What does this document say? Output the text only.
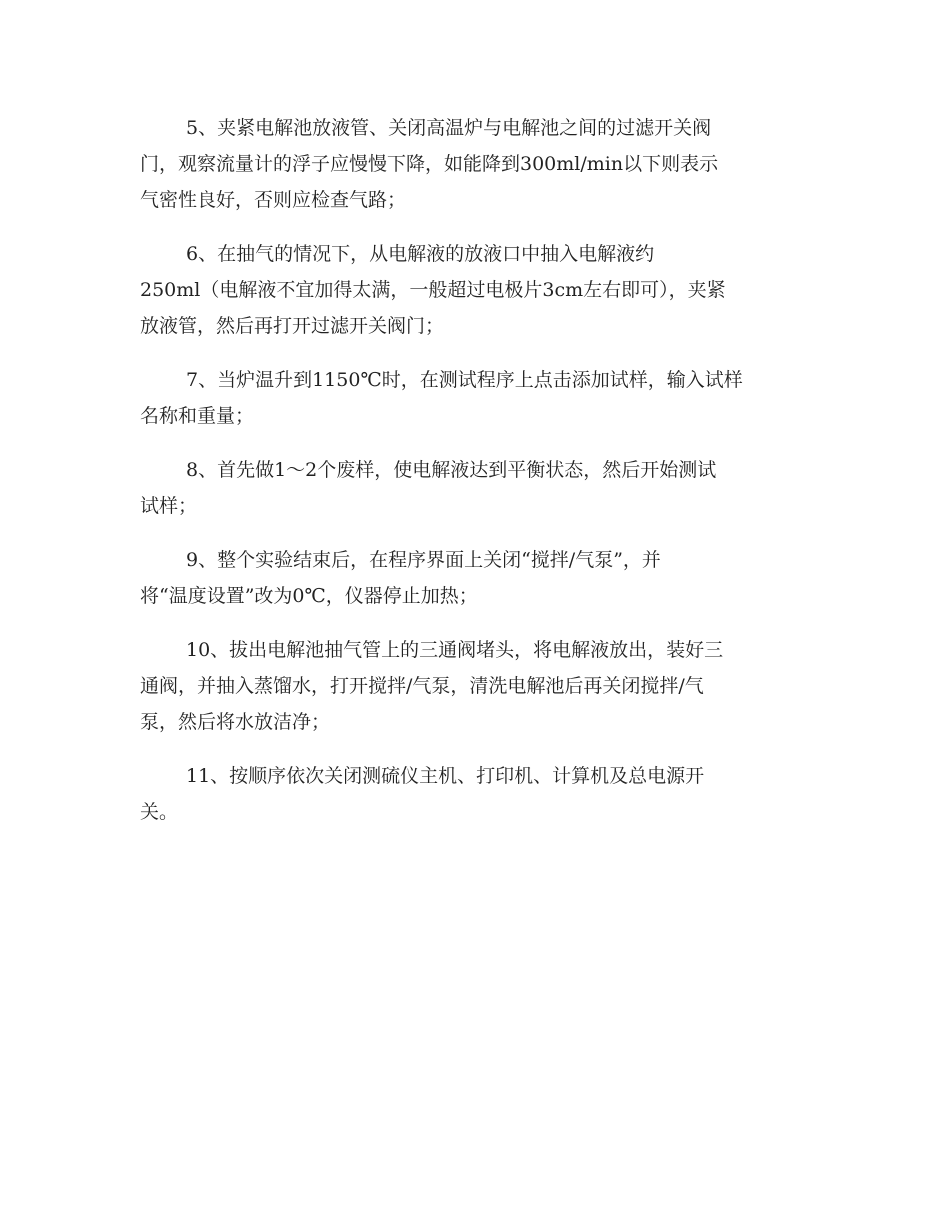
5、夹紧电解池放液管、关闭高温炉与电解池之间的过滤开关阀
门，观察流量计的浮子应慢慢下降，如能降到300ml/min以下则表示
气密性良好，否则应检查气路；

6、在抽气的情况下，从电解液的放液口中抽入电解液约
250ml（电解液不宜加得太满，一般超过电极片3cm左右即可），夹紧
放液管，然后再打开过滤开关阀门；

7、当炉温升到1150℃时，在测试程序上点击添加试样，输入试样
名称和重量；

8、首先做1～2个废样，使电解液达到平衡状态，然后开始测试
试样；

9、整个实验结束后，在程序界面上关闭“搅拌/气泵”，并
将“温度设置”改为0℃，仪器停止加热；

10、拔出电解池抽气管上的三通阀堵头，将电解液放出，装好三
通阀，并抽入蒸馏水，打开搅拌/气泵，清洗电解池后再关闭搅拌/气
泵，然后将水放洁净；

11、按顺序依次关闭测硫仪主机、打印机、计算机及总电源开
关。
